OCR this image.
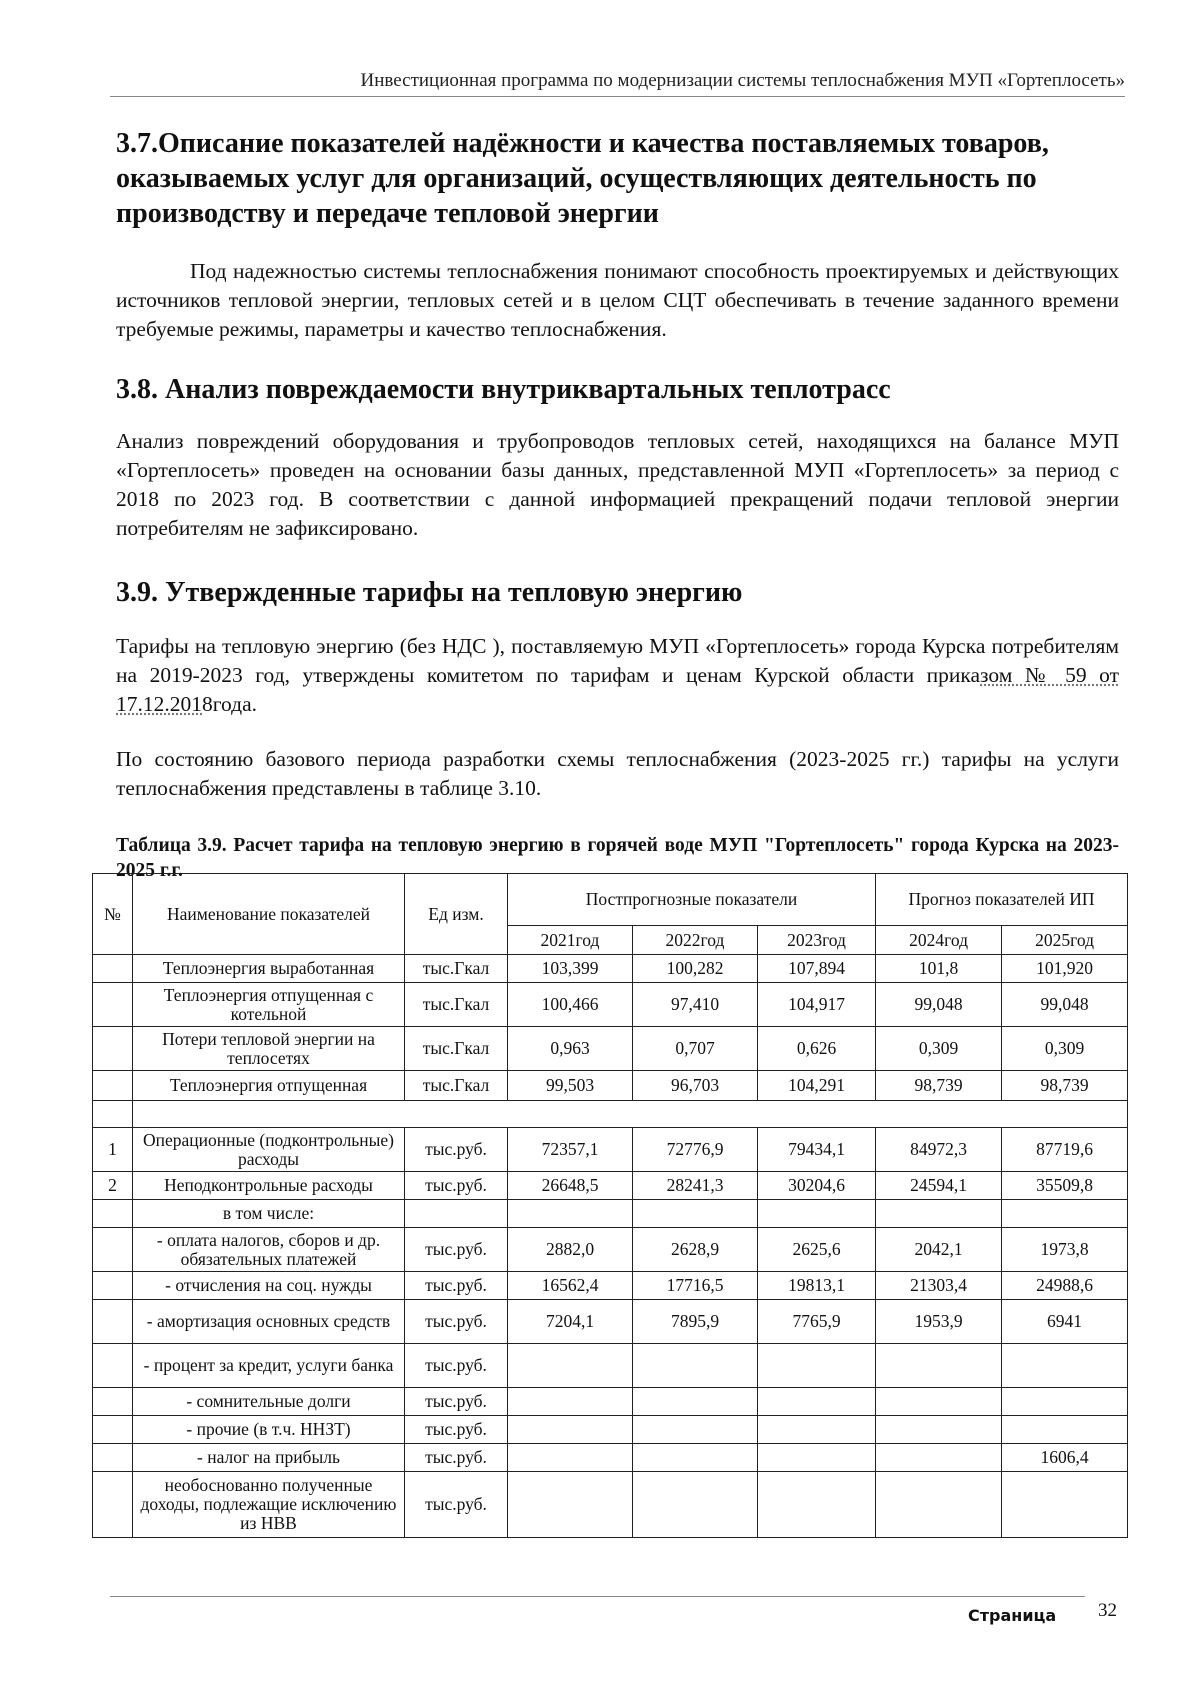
Инвестиционная программа по модернизации системы теплоснабжения МУП «Гортеплосеть»
3.7.Описание показателей надёжности и качества поставляемых товаров, оказываемых услуг для организаций, осуществляющих деятельность по производству и передаче тепловой энергии

Под надежностью системы теплоснабжения понимают способность проектируемых и действующих источников тепловой энергии, тепловых сетей и в целом СЦТ обеспечивать в течение заданного времени требуемые режимы, параметры и качество теплоснабжения.

3.8. Анализ повреждаемости внутриквартальных теплотрасс

Анализ повреждений оборудования и трубопроводов тепловых сетей, находящихся на балансе МУП «Гортеплосеть» проведен на основании базы данных, представленной МУП «Гортеплосеть» за период с 2018 по 2023 год. В соответствии с данной информацией прекращений подачи тепловой энергии потребителям не зафиксировано.

3.9. Утвержденные тарифы на тепловую энергию

Тарифы на тепловую энергию (без НДС ), поставляемую МУП «Гортеплосеть» города Курска потребителям на 2019-2023 год, утверждены комитетом по тарифам и ценам Курской области приказом № 59 от 17.12.2018года.

По состоянию базового периода разработки схемы теплоснабжения (2023-2025 гг.) тарифы на услуги теплоснабжения представлены в таблице 3.10.

Таблица 3.9. Расчет тарифа на тепловую энергию в горячей воде МУП "Гортеплосеть" города Курска на 2023-2025 г.г.

№	Наименование показателей	Ед изм.	Постпрогнозные показатели			Прогноз показателей ИП	
			2021год	2022год	2023год	2024год	2025год
	Теплоэнергия выработанная	тыс.Гкал	103,399	100,282	107,894	101,8	101,920
	Теплоэнергия отпущенная с котельной	тыс.Гкал	100,466	97,410	104,917	99,048	99,048
	Потери тепловой энергии на теплосетях	тыс.Гкал	0,963	0,707	0,626	0,309	0,309
	Теплоэнергия отпущенная	тыс.Гкал	99,503	96,703	104,291	98,739	98,739

1	Операционные (подконтрольные) расходы	тыс.руб.	72357,1	72776,9	79434,1	84972,3	87719,6
2	Неподконтрольные расходы	тыс.руб.	26648,5	28241,3	30204,6	24594,1	35509,8
	в том числе:						
	- оплата налогов, сборов и др. обязательных платежей	тыс.руб.	2882,0	2628,9	2625,6	2042,1	1973,8
	- отчисления на соц. нужды	тыс.руб.	16562,4	17716,5	19813,1	21303,4	24988,6
	- амортизация основных средств	тыс.руб.	7204,1	7895,9	7765,9	1953,9	6941
	- процент за кредит, услуги банка	тыс.руб.					
	- сомнительные долги	тыс.руб.					
	- прочие (в т.ч. ННЗТ)	тыс.руб.					
	- налог на прибыль	тыс.руб.					1606,4
	необоснованно полученные доходы, подлежащие исключению из НВВ	тыс.руб.					
Страница 32
